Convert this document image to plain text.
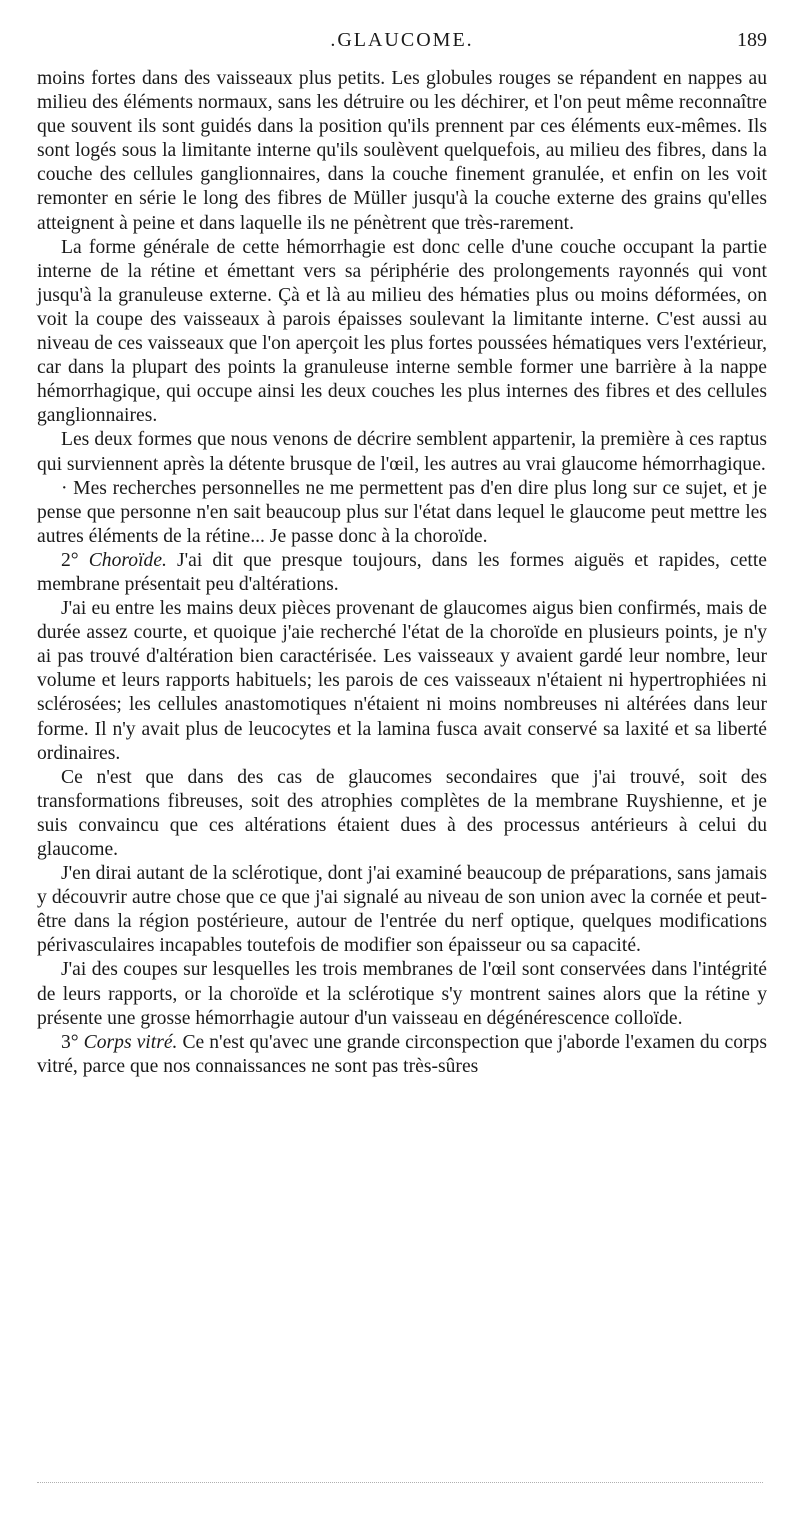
.GLAUCOME.	189

moins fortes dans des vaisseaux plus petits. Les globules rouges se répandent en nappes au milieu des éléments normaux, sans les détruire ou les déchirer, et l'on peut même reconnaître que souvent ils sont guidés dans la position qu'ils prennent par ces éléments eux-mêmes. Ils sont logés sous la limitante interne qu'ils soulèvent quelquefois, au milieu des fibres, dans la couche des cellules ganglionnaires, dans la couche finement granulée, et enfin on les voit remonter en série le long des fibres de Müller jusqu'à la couche externe des grains qu'elles atteignent à peine et dans laquelle ils ne pénètrent que très-rarement.

La forme générale de cette hémorrhagie est donc celle d'une couche occupant la partie interne de la rétine et émettant vers sa périphérie des prolongements rayonnés qui vont jusqu'à la granuleuse externe. Çà et là au milieu des hématies plus ou moins déformées, on voit la coupe des vaisseaux à parois épaisses soulevant la limitante interne. C'est aussi au niveau de ces vaisseaux que l'on aperçoit les plus fortes poussées hématiques vers l'extérieur, car dans la plupart des points la granuleuse interne semble former une barrière à la nappe hémorrhagique, qui occupe ainsi les deux couches les plus internes des fibres et des cellules ganglionnaires.

Les deux formes que nous venons de décrire semblent appartenir, la première à ces raptus qui surviennent après la détente brusque de l'œil, les autres au vrai glaucome hémorrhagique.

· Mes recherches personnelles ne me permettent pas d'en dire plus long sur ce sujet, et je pense que personne n'en sait beaucoup plus sur l'état dans lequel le glaucome peut mettre les autres éléments de la rétine... Je passe donc à la choroïde.

2° Choroïde. J'ai dit que presque toujours, dans les formes aiguës et rapides, cette membrane présentait peu d'altérations.

J'ai eu entre les mains deux pièces provenant de glaucomes aigus bien confirmés, mais de durée assez courte, et quoique j'aie recherché l'état de la choroïde en plusieurs points, je n'y ai pas trouvé d'altération bien caractérisée. Les vaisseaux y avaient gardé leur nombre, leur volume et leurs rapports habituels; les parois de ces vaisseaux n'étaient ni hypertrophiées ni sclérosées; les cellules anastomotiques n'étaient ni moins nombreuses ni altérées dans leur forme. Il n'y avait plus de leucocytes et la lamina fusca avait conservé sa laxité et sa liberté ordinaires.

Ce n'est que dans des cas de glaucomes secondaires que j'ai trouvé, soit des transformations fibreuses, soit des atrophies complètes de la membrane Ruyshienne, et je suis convaincu que ces altérations étaient dues à des processus antérieurs à celui du glaucome.

J'en dirai autant de la sclérotique, dont j'ai examiné beaucoup de préparations, sans jamais y découvrir autre chose que ce que j'ai signalé au niveau de son union avec la cornée et peut-être dans la région postérieure, autour de l'entrée du nerf optique, quelques modifications périvasculaires incapables toutefois de modifier son épaisseur ou sa capacité.

J'ai des coupes sur lesquelles les trois membranes de l'œil sont conservées dans l'intégrité de leurs rapports, or la choroïde et la sclérotique s'y montrent saines alors que la rétine y présente une grosse hémorrhagie autour d'un vaisseau en dégénérescence colloïde.

3° Corps vitré. Ce n'est qu'avec une grande circonspection que j'aborde l'examen du corps vitré, parce que nos connaissances ne sont pas très-sûres
